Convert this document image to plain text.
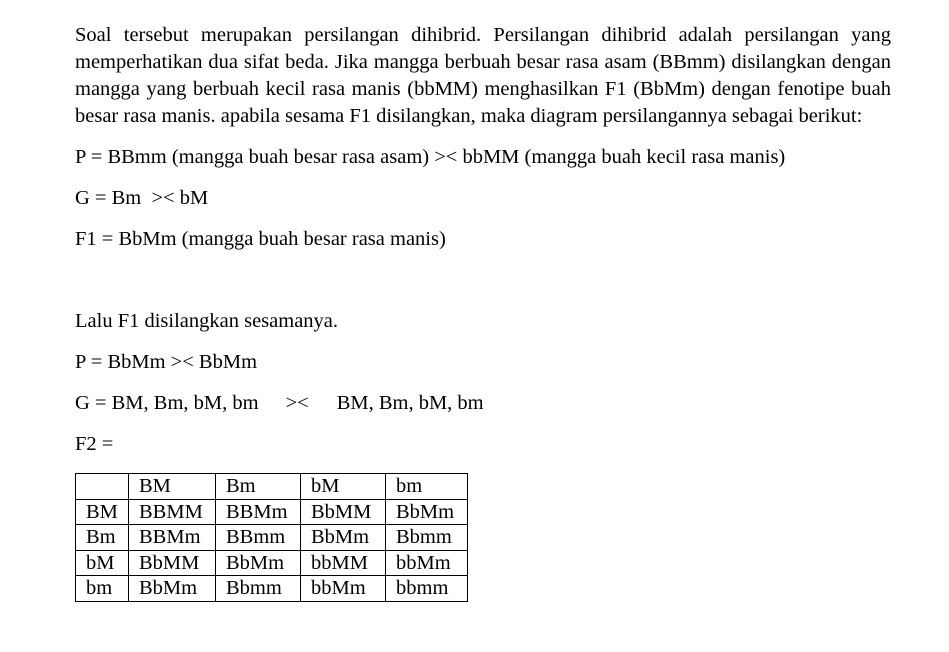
Soal tersebut merupakan persilangan dihibrid. Persilangan dihibrid adalah persilangan yang memperhatikan dua sifat beda. Jika mangga berbuah besar rasa asam (BBmm) disilangkan dengan mangga yang berbuah kecil rasa manis (bbMM) menghasilkan F1 (BbMm) dengan fenotipe buah besar rasa manis. apabila sesama F1 disilangkan, maka diagram persilangannya sebagai berikut:

P = BBmm (mangga buah besar rasa asam) >< bbMM (mangga buah kecil rasa manis)

G = Bm  >< bM

F1 = BbMm (mangga buah besar rasa manis)

Lalu F1 disilangkan sesamanya.

P = BbMm >< BbMm

G = BM, Bm, bM, bm >< BM, Bm, bM, bm

F2 =

	BM	Bm	bM	bm
BM	BBMM	BBMm	BbMM	BbMm
Bm	BBMm	BBmm	BbMm	Bbmm
bM	BbMM	BbMm	bbMM	bbMm
bm	BbMm	Bbmm	bbMm	bbmm
